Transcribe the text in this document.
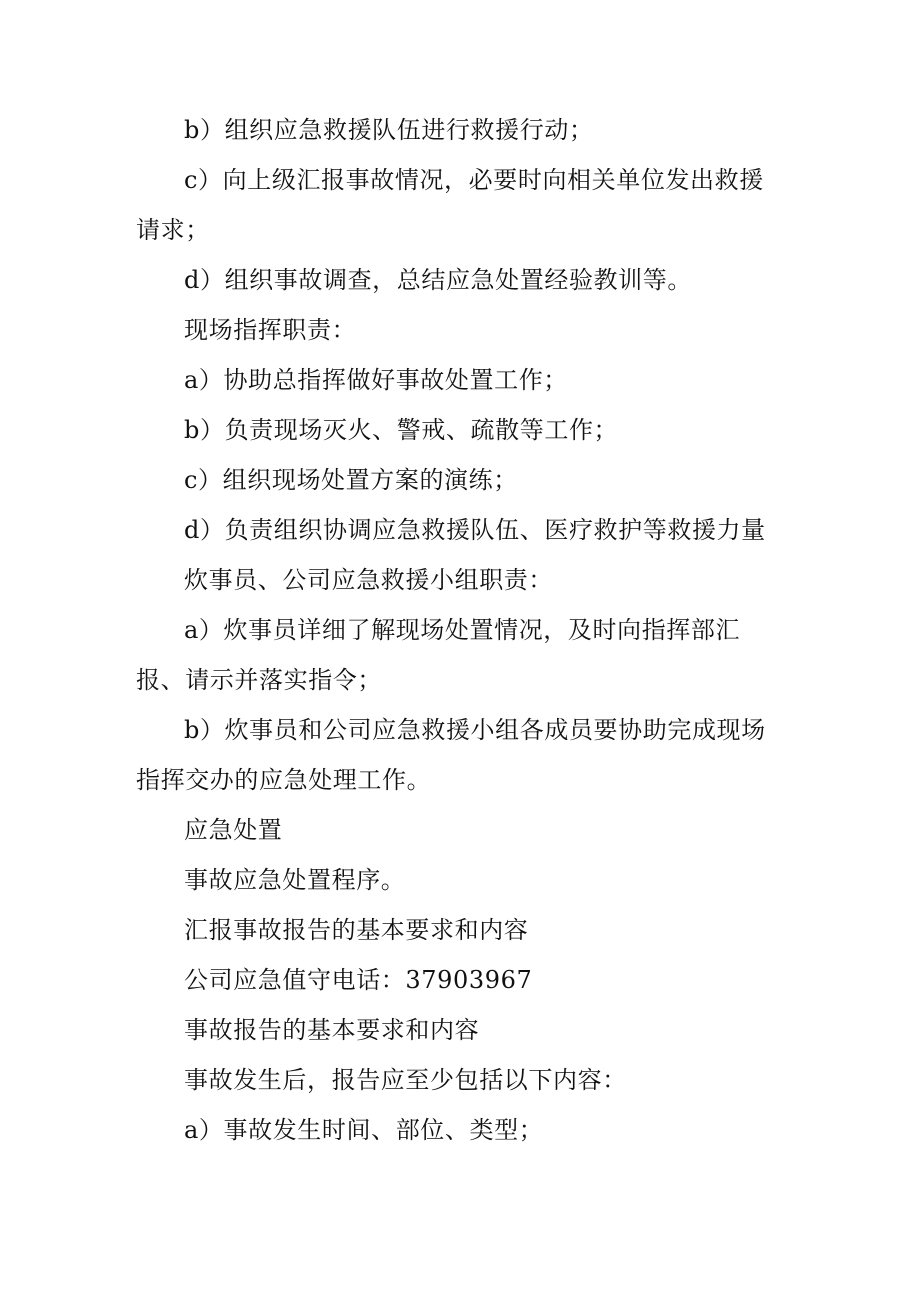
b）组织应急救援队伍进行救援行动；

c）向上级汇报事故情况，必要时向相关单位发出救援请求；

d）组织事故调查，总结应急处置经验教训等。

现场指挥职责：

a）协助总指挥做好事故处置工作；

b）负责现场灭火、警戒、疏散等工作；

c）组织现场处置方案的演练；

d）负责组织协调应急救援队伍、医疗救护等救援力量

炊事员、公司应急救援小组职责：

a）炊事员详细了解现场处置情况，及时向指挥部汇报、请示并落实指令；

b）炊事员和公司应急救援小组各成员要协助完成现场指挥交办的应急处理工作。

应急处置

事故应急处置程序。

汇报事故报告的基本要求和内容

公司应急值守电话：37903967

事故报告的基本要求和内容

事故发生后，报告应至少包括以下内容：

a）事故发生时间、部位、类型；
